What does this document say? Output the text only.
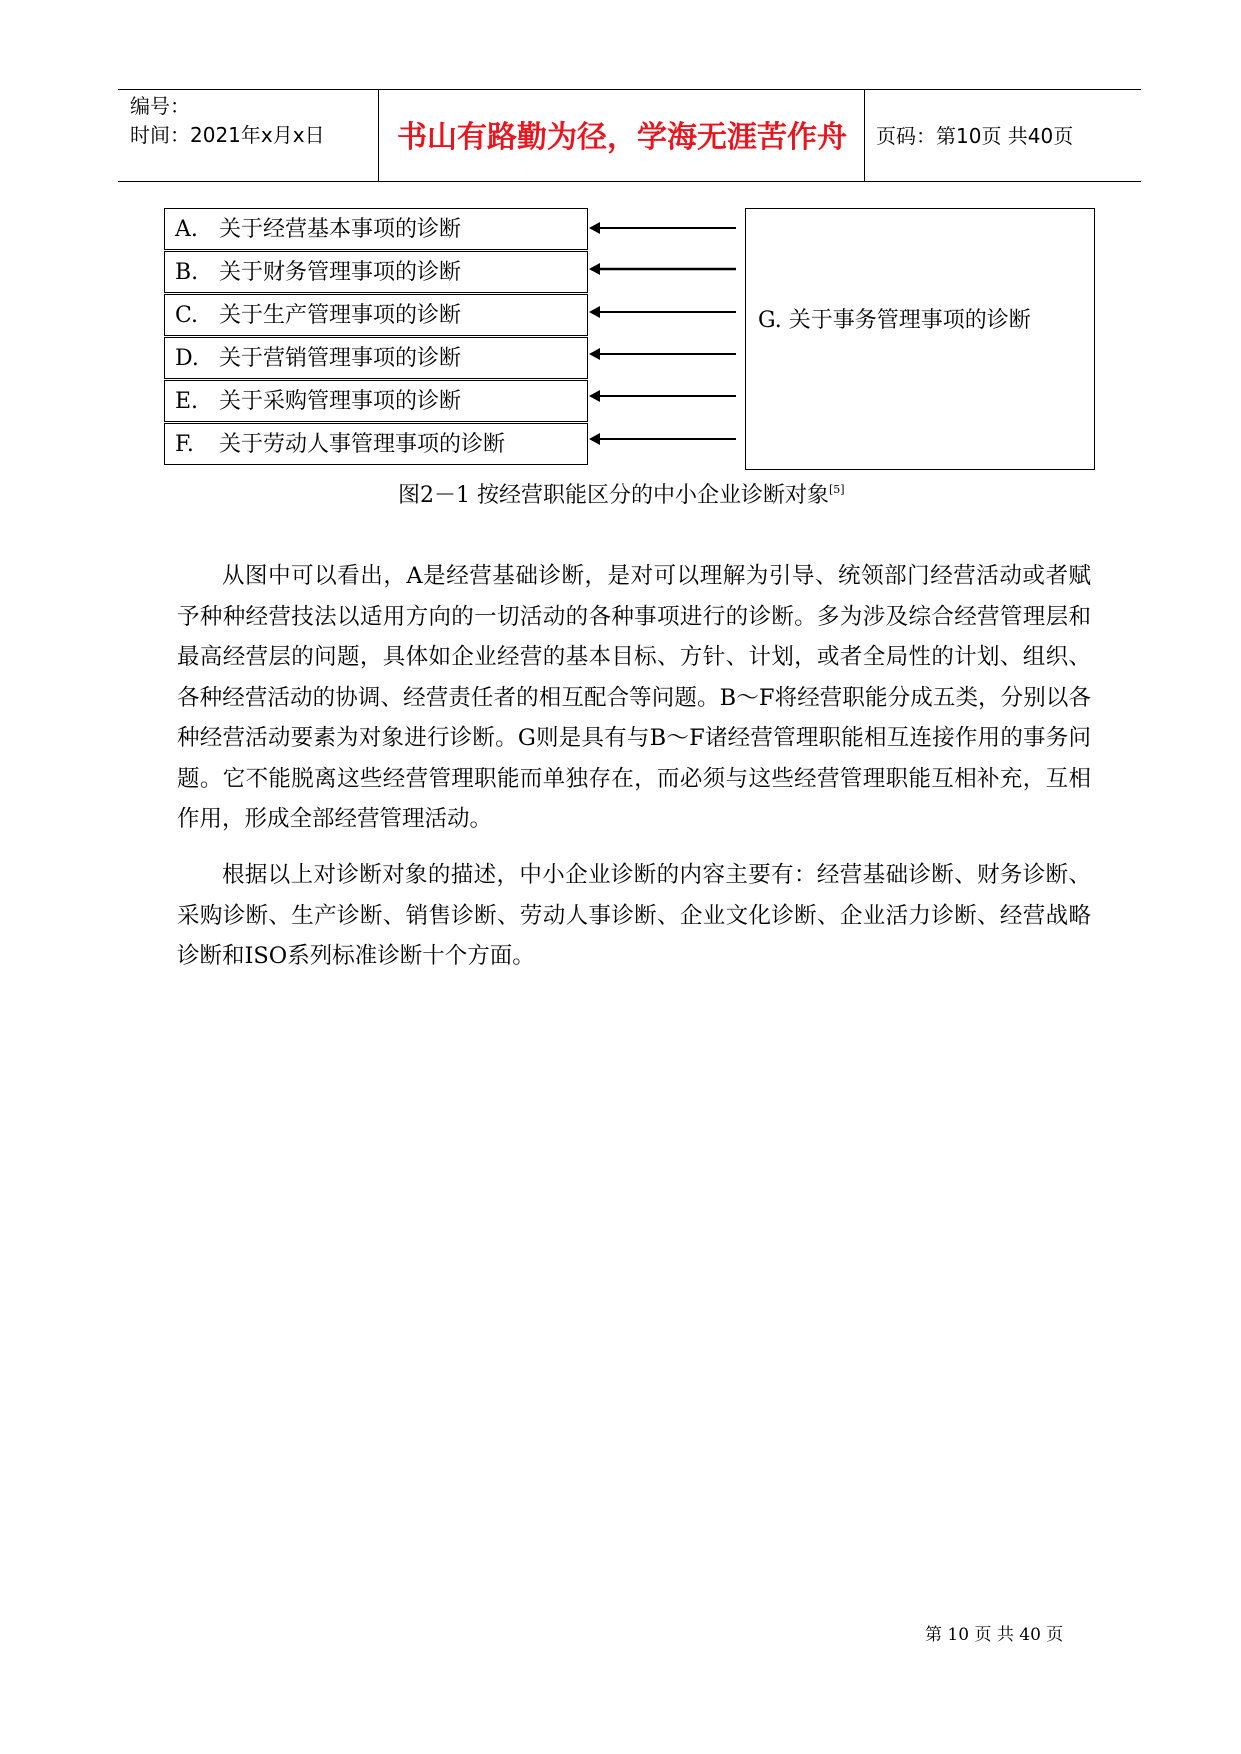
编号：
时间：2021年x月x日	书山有路勤为径，学海无涯苦作舟	页码：第10页 共40页
A. 关于经营基本事项的诊断
B. 关于财务管理事项的诊断
C. 关于生产管理事项的诊断
D. 关于营销管理事项的诊断
E. 关于采购管理事项的诊断
F. 关于劳动人事管理事项的诊断
G. 关于事务管理事项的诊断
图2－1 按经营职能区分的中小企业诊断对象[5]

从图中可以看出，A是经营基础诊断，是对可以理解为引导、统领部门经营活动或者赋予种种经营技法以适用方向的一切活动的各种事项进行的诊断。多为涉及综合经营管理层和最高经营层的问题，具体如企业经营的基本目标、方针、计划，或者全局性的计划、组织、各种经营活动的协调、经营责任者的相互配合等问题。B～F将经营职能分成五类，分别以各种经营活动要素为对象进行诊断。G则是具有与B～F诸经营管理职能相互连接作用的事务问题。它不能脱离这些经营管理职能而单独存在，而必须与这些经营管理职能互相补充，互相作用，形成全部经营管理活动。

根据以上对诊断对象的描述，中小企业诊断的内容主要有：经营基础诊断、财务诊断、采购诊断、生产诊断、销售诊断、劳动人事诊断、企业文化诊断、企业活力诊断、经营战略诊断和ISO系列标准诊断十个方面。

第 10 页 共 40 页
